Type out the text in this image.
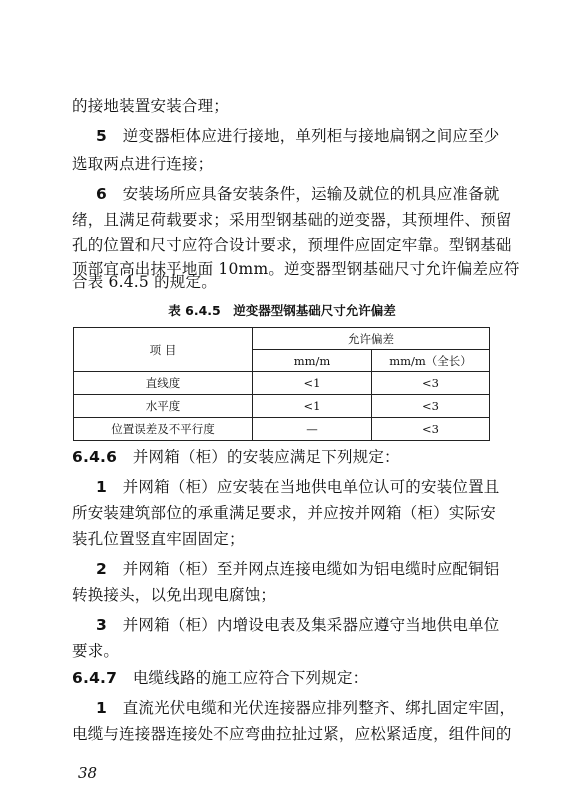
的接地装置安装合理；
5　 逆变器柜体应进行接地，单列柜与接地扁钢之间应至少
选取两点进行连接；
6　 安装场所应具备安装条件，运输及就位的机具应准备就
绪，且满足荷载要求；采用型钢基础的逆变器，其预埋件、预留
孔的位置和尺寸应符合设计要求，预埋件应固定牢靠。型钢基础
顶部宜高出抹平地面 10mm。逆变器型钢基础尺寸允许偏差应符
表 6.4.5　逆变器型钢基础尺寸允许偏差
项 目	允许偏差	
	mm/m	mm/m（全长）
直线度	<1	<3
水平度	<1	<3
位置误差及不平行度	—	<3
6.4.6　 并网箱（柜）的安装应满足下列规定：
1　 并网箱（柜）应安装在当地供电单位认可的安装位置且
所安装建筑部位的承重满足要求，并应按并网箱（柜）实际安
装孔位置竖直牢固固定；
2　 并网箱（柜）至并网点连接电缆如为铝电缆时应配铜铝
转换接头，以免出现电腐蚀；
3　 并网箱（柜）内增设电表及集采器应遵守当地供电单位
要求。
6.4.7　 电缆线路的施工应符合下列规定：
1　 直流光伏电缆和光伏连接器应排列整齐、绑扎固定牢固，
电缆与连接器连接处不应弯曲拉扯过紧，应松紧适度，组件间的
38
合表 6.4.5 的规定。
